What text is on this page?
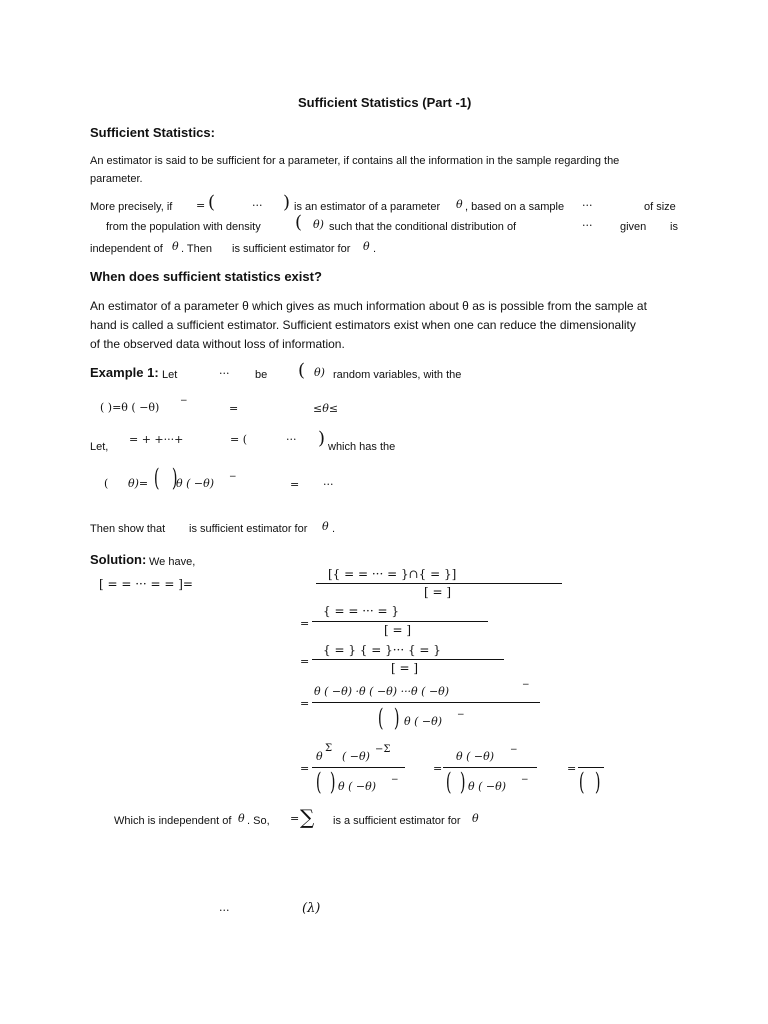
Sufficient Statistics (Part -1)
Sufficient Statistics:
An estimator is said to be sufficient for a parameter, if contains all the information in the sample regarding the
parameter.
More precisely, if = (	··· ) is an estimator of a parameter θ , based on a sample ···	of size
from the population with density ( θ) such that the conditional distribution of	···	given is
independent of θ . Then is sufficient estimator for θ .
When does sufficient statistics exist?
An estimator of a parameter θ which gives as much information about θ as is possible from the sample at
hand is called a sufficient estimator. Sufficient estimators exist when one can reduce the dimensionality
of the observed data without loss of information.
Example 1: Let	··· be ( θ) random variables, with the
( )=θ ( −θ) −
=	≤θ≤
Let,
= + +···+	= (	··· ) which has the
( θ)= ( )
θ ( −θ) −
= ···
Then show that is sufficient estimator for θ .
Solution: We have,
[ = = ··· = = ]=
[{ = = ··· = }∩{ = }]
[ = ]
=
{ = = ··· = }
[ = ]
=
{ = } { = }··· { = }
[ = ]
=
θ ( −θ) ·θ ( −θ) ···θ ( −θ)	−
( ) θ ( −θ) −
=
θ
Σ
( −θ)
−Σ
( ) θ ( −θ) −
=
θ ( −θ) −
( ) θ ( −θ) −
= ( )
Which is independent of θ . So, = ∑ is a sufficient estimator for θ
···	(λ)
